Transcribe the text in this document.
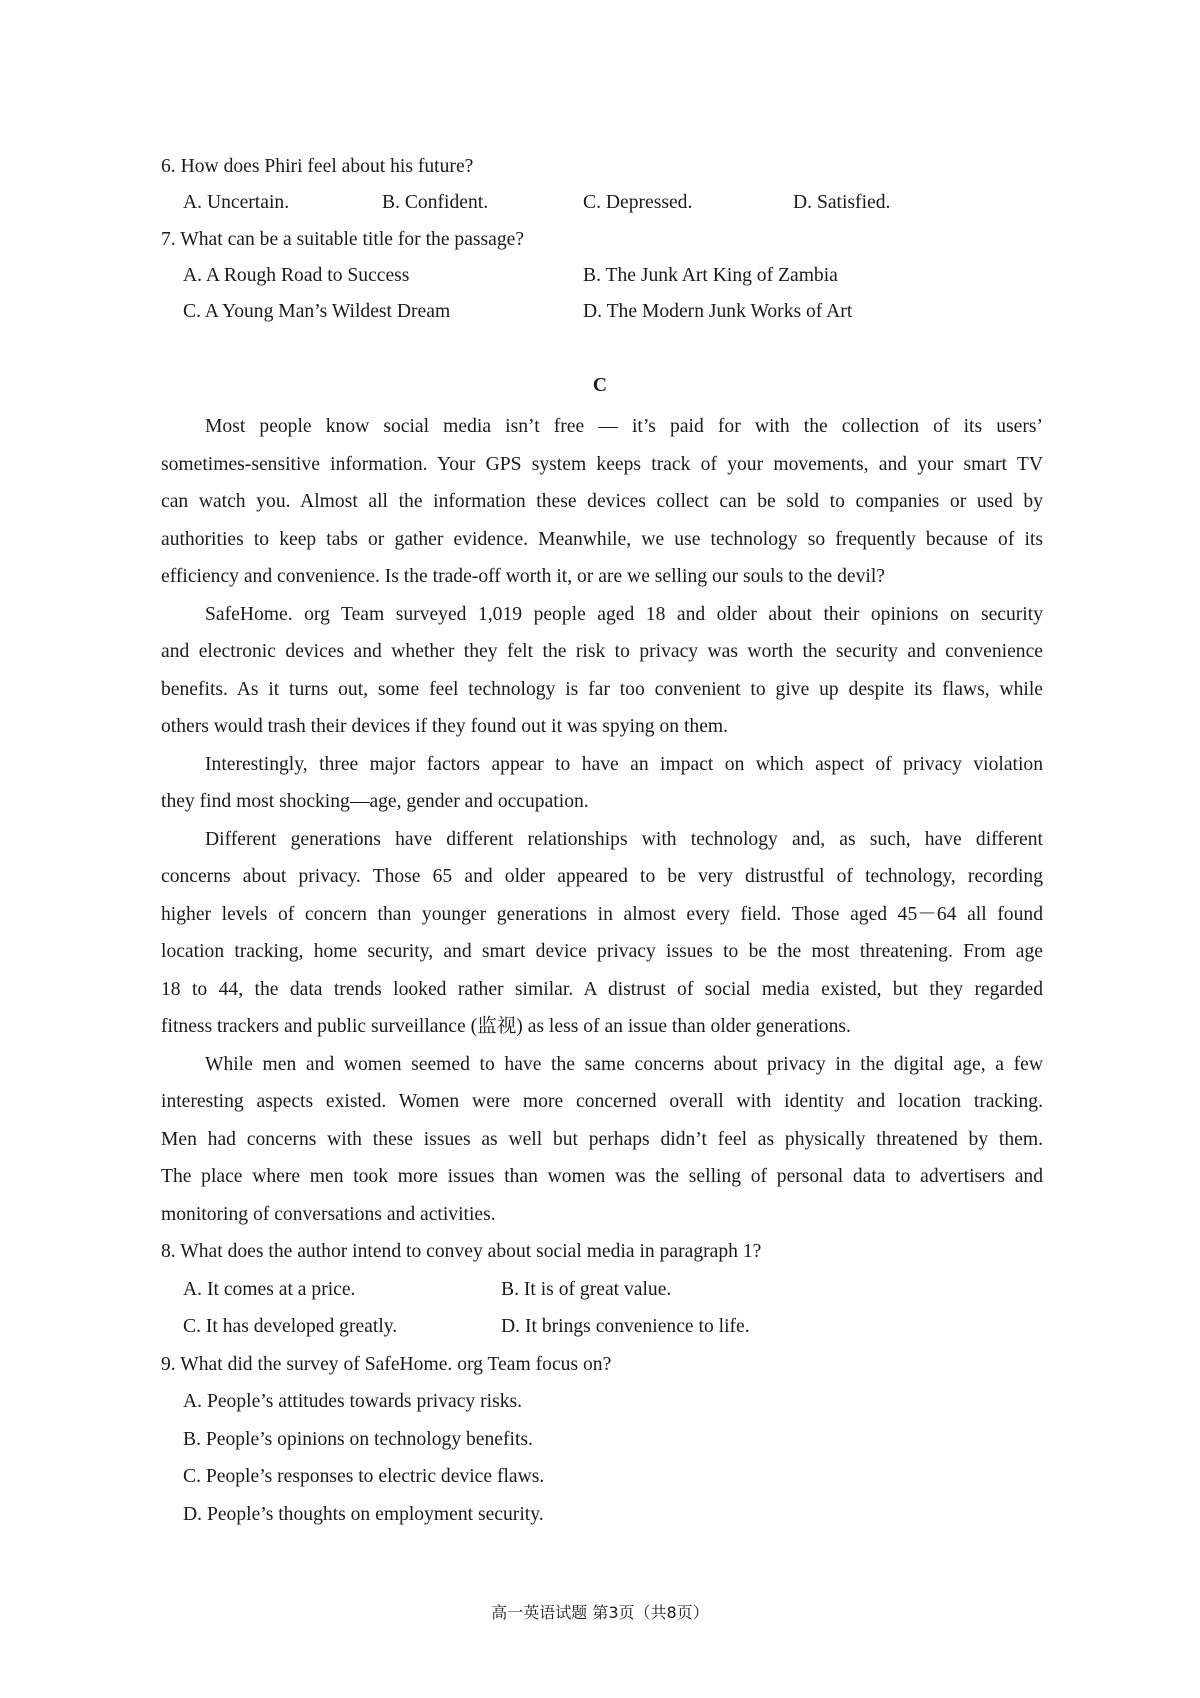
6. How does Phiri feel about his future?
A. Uncertain.	B. Confident.	C. Depressed.	D. Satisfied.
7. What can be a suitable title for the passage?
A. A Rough Road to Success	B. The Junk Art King of Zambia
C. A Young Man’s Wildest Dream	D. The Modern Junk Works of Art
C
Most people know social media isn’t free — it’s paid for with the collection of its users’
sometimes-sensitive information. Your GPS system keeps track of your movements, and your smart TV
can watch you. Almost all the information these devices collect can be sold to companies or used by
authorities to keep tabs or gather evidence. Meanwhile, we use technology so frequently because of its
efficiency and convenience. Is the trade-off worth it, or are we selling our souls to the devil?
SafeHome. org Team surveyed 1,019 people aged 18 and older about their opinions on security
and electronic devices and whether they felt the risk to privacy was worth the security and convenience
benefits. As it turns out, some feel technology is far too convenient to give up despite its flaws, while
others would trash their devices if they found out it was spying on them.
Interestingly, three major factors appear to have an impact on which aspect of privacy violation
they find most shocking—age, gender and occupation.
Different generations have different relationships with technology and, as such, have different
concerns about privacy. Those 65 and older appeared to be very distrustful of technology, recording
higher levels of concern than younger generations in almost every field. Those aged 45－64 all found
location tracking, home security, and smart device privacy issues to be the most threatening. From age
18 to 44, the data trends looked rather similar. A distrust of social media existed, but they regarded
fitness trackers and public surveillance (监视) as less of an issue than older generations.
While men and women seemed to have the same concerns about privacy in the digital age, a few
interesting aspects existed. Women were more concerned overall with identity and location tracking.
Men had concerns with these issues as well but perhaps didn’t feel as physically threatened by them.
The place where men took more issues than women was the selling of personal data to advertisers and
monitoring of conversations and activities.
8. What does the author intend to convey about social media in paragraph 1?
A. It comes at a price.	B. It is of great value.
C. It has developed greatly.	D. It brings convenience to life.
9. What did the survey of SafeHome. org Team focus on?
A. People’s attitudes towards privacy risks.
B. People’s opinions on technology benefits.
C. People’s responses to electric device flaws.
D. People’s thoughts on employment security.
高一英语试题 第3页（共8页）
